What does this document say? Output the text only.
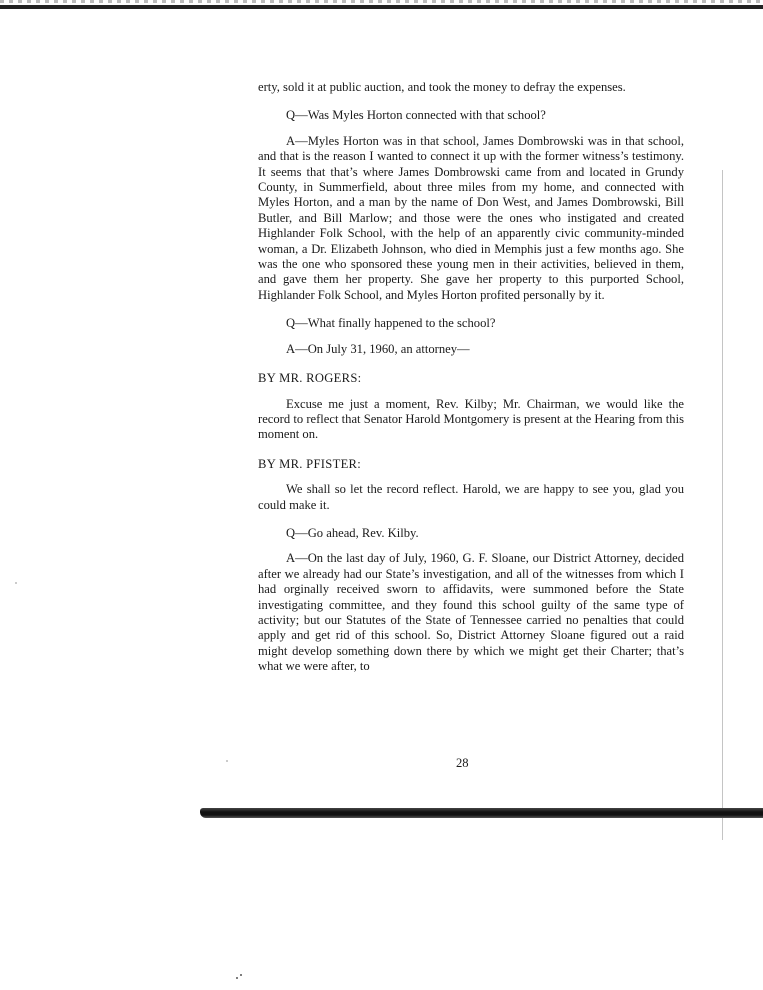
erty, sold it at public auction, and took the money to defray the expenses.

Q—Was Myles Horton connected with that school?

A—Myles Horton was in that school, James Dombrowski was in that school, and that is the reason I wanted to connect it up with the former witness’s testimony. It seems that that’s where James Dombrowski came from and located in Grundy County, in Summerfield, about three miles from my home, and connected with Myles Horton, and a man by the name of Don West, and James Dombrowski, Bill Butler, and Bill Marlow; and those were the ones who instigated and created Highlander Folk School, with the help of an apparently civic community-minded woman, a Dr. Elizabeth Johnson, who died in Memphis just a few months ago. She was the one who sponsored these young men in their activities, believed in them, and gave them her property. She gave her property to this purported School, Highlander Folk School, and Myles Horton profited personally by it.

Q—What finally happened to the school?

A—On July 31, 1960, an attorney—

BY MR. ROGERS:

Excuse me just a moment, Rev. Kilby; Mr. Chairman, we would like the record to reflect that Senator Harold Montgomery is present at the Hearing from this moment on.

BY MR. PFISTER:

We shall so let the record reflect. Harold, we are happy to see you, glad you could make it.

Q—Go ahead, Rev. Kilby.

A—On the last day of July, 1960, G. F. Sloane, our District Attorney, decided after we already had our State’s investigation, and all of the witnesses from which I had orginally received sworn to affidavits, were summoned before the State investigating committee, and they found this school guilty of the same type of activity; but our Statutes of the State of Tennessee carried no penalties that could apply and get rid of this school. So, District Attorney Sloane figured out a raid might develop something down there by which we might get their Charter; that’s what we were after, to

28
